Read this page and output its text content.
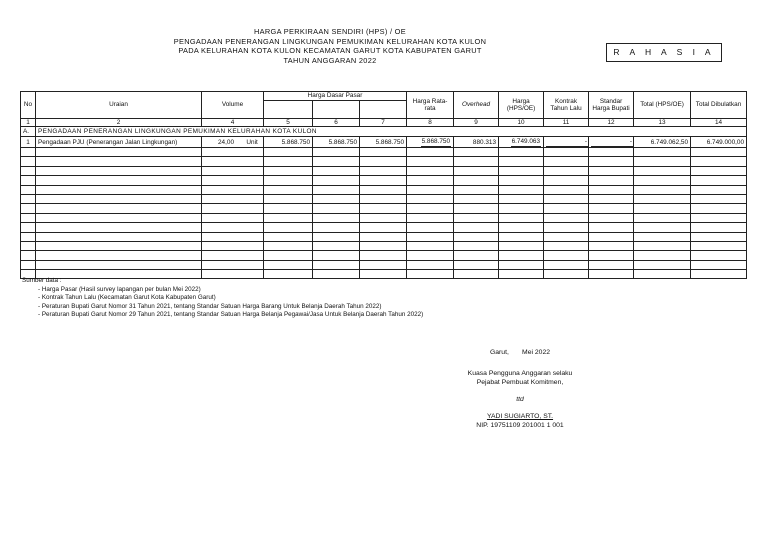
HARGA PERKIRAAN SENDIRI (HPS) / OE
PENGADAAN PENERANGAN LINGKUNGAN PEMUKIMAN KELURAHAN KOTA KULON
PADA KELURAHAN KOTA KULON KECAMATAN GARUT KOTA KABUPATEN GARUT
TAHUN ANGGARAN 2022
R A H A S I A
No	Uraian	Volume	Harga Dasar Pasar			Harga Rata-rata	Overhead	Harga (HPS/OE)	Kontrak Tahun Lalu	Standar Harga Bupati	Total (HPS/OE)	Total Dibulatkan

1	2	4	5	6	7	8	9	10	11	12	13	14
A.	PENGADAAN PENERANGAN LINGKUNGAN PEMUKIMAN KELURAHAN KOTA KULON											
1	Pengadaan PJU (Penerangan Jalan Lingkungan)	24,00 Unit	5.868.750	5.868.750	5.868.750	5.868.750	880.313	6.749.063	-	-	6.749.062,50	6.749.000,00

Sumber data :
- Harga Pasar (Hasil survey lapangan per bulan Mei 2022)
- Kontrak Tahun Lalu (Kecamatan Garut Kota Kabupaten Garut)
- Peraturan Bupati Garut Nomor 31 Tahun 2021, tentang Standar Satuan Harga Barang Untuk Belanja Daerah Tahun 2022)
- Peraturan Bupati Garut Nomor 29 Tahun 2021, tentang Standar Satuan Harga Belanja Pegawai/Jasa Untuk Belanja Daerah Tahun 2022)
Garut,       Mei 2022
Kuasa Pengguna Anggaran selaku
Pejabat Pembuat Komitmen,
ttd
YADI SUGIARTO, ST.
NIP. 19751109 201001 1 001
